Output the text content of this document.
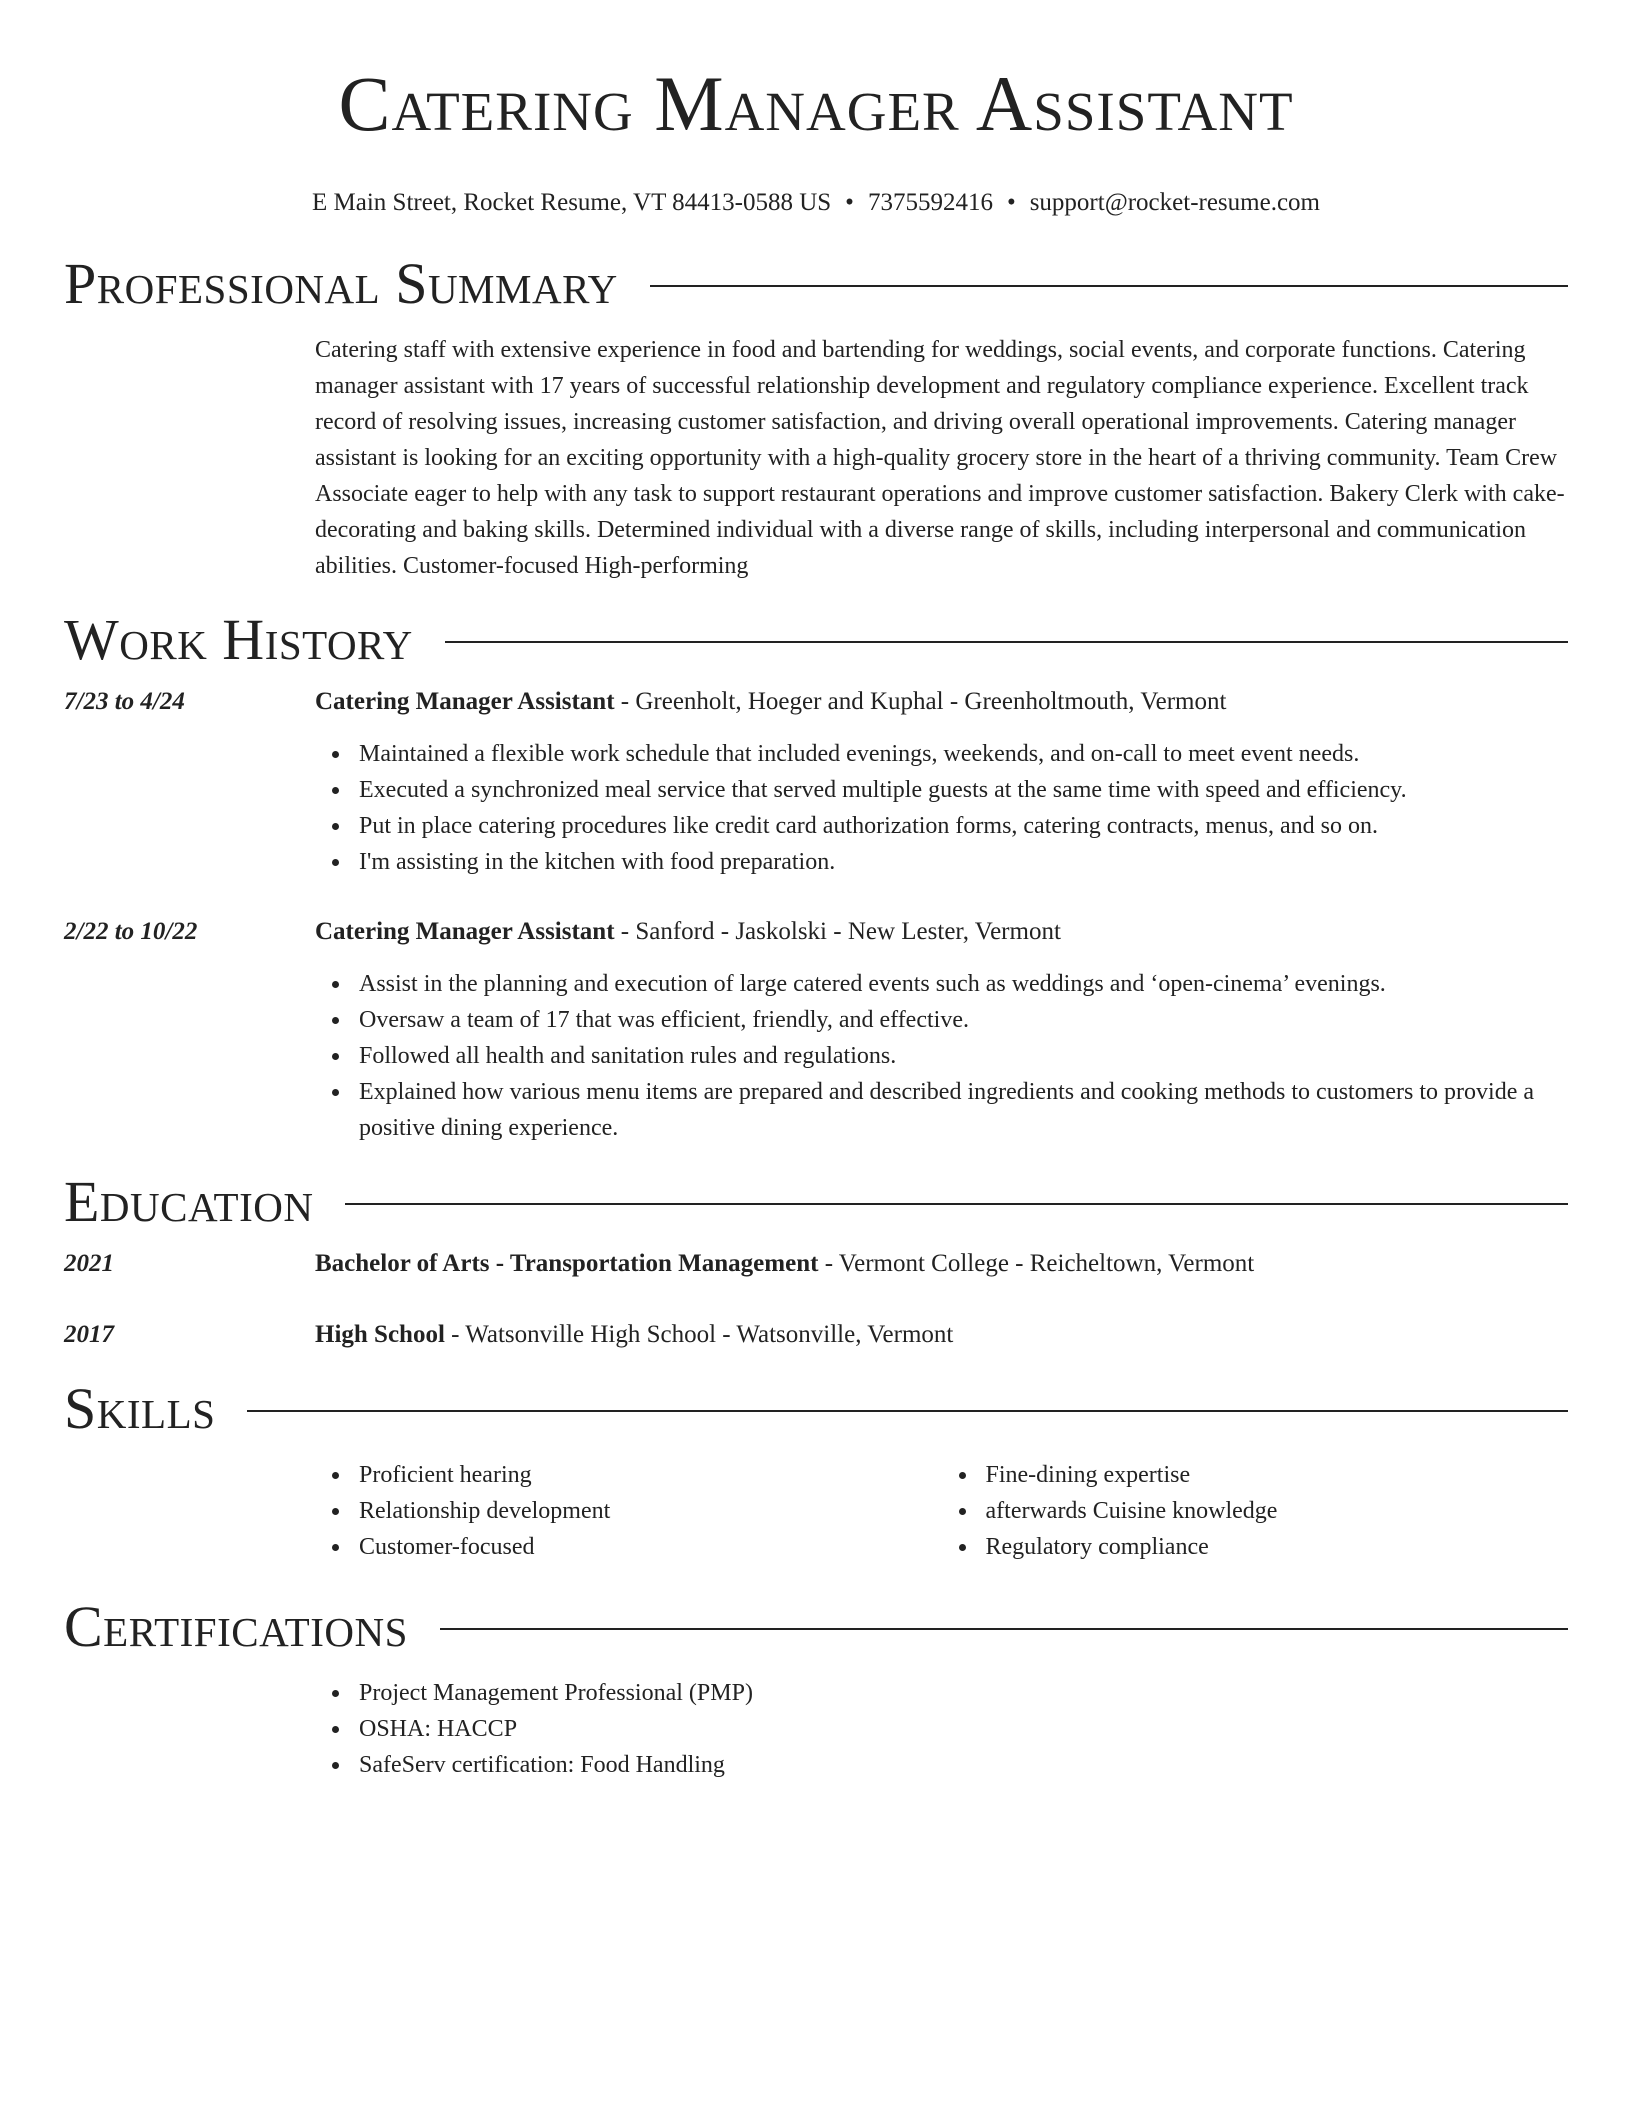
Catering Manager Assistant
E Main Street, Rocket Resume, VT 84413-0588 US • 7375592416 • support@rocket-resume.com
Professional Summary
Catering staff with extensive experience in food and bartending for weddings, social events, and corporate functions. Catering manager assistant with 17 years of successful relationship development and regulatory compliance experience. Excellent track record of resolving issues, increasing customer satisfaction, and driving overall operational improvements. Catering manager assistant is looking for an exciting opportunity with a high-quality grocery store in the heart of a thriving community. Team Crew Associate eager to help with any task to support restaurant operations and improve customer satisfaction. Bakery Clerk with cake-decorating and baking skills. Determined individual with a diverse range of skills, including interpersonal and communication abilities. Customer-focused High-performing
Work History
7/23 to 4/24	Catering Manager Assistant - Greenholt, Hoeger and Kuphal - Greenholtmouth, Vermont
Maintained a flexible work schedule that included evenings, weekends, and on-call to meet event needs.
Executed a synchronized meal service that served multiple guests at the same time with speed and efficiency.
Put in place catering procedures like credit card authorization forms, catering contracts, menus, and so on.
I'm assisting in the kitchen with food preparation.
2/22 to 10/22	Catering Manager Assistant - Sanford - Jaskolski - New Lester, Vermont
Assist in the planning and execution of large catered events such as weddings and ‘open-cinema’ evenings.
Oversaw a team of 17 that was efficient, friendly, and effective.
Followed all health and sanitation rules and regulations.
Explained how various menu items are prepared and described ingredients and cooking methods to customers to provide a positive dining experience.
Education
2021	Bachelor of Arts - Transportation Management - Vermont College - Reicheltown, Vermont
2017	High School - Watsonville High School - Watsonville, Vermont
Skills
Proficient hearing
Relationship development
Customer-focused
Fine-dining expertise
afterwards Cuisine knowledge
Regulatory compliance
Certifications
Project Management Professional (PMP)
OSHA: HACCP
SafeServ certification: Food Handling
